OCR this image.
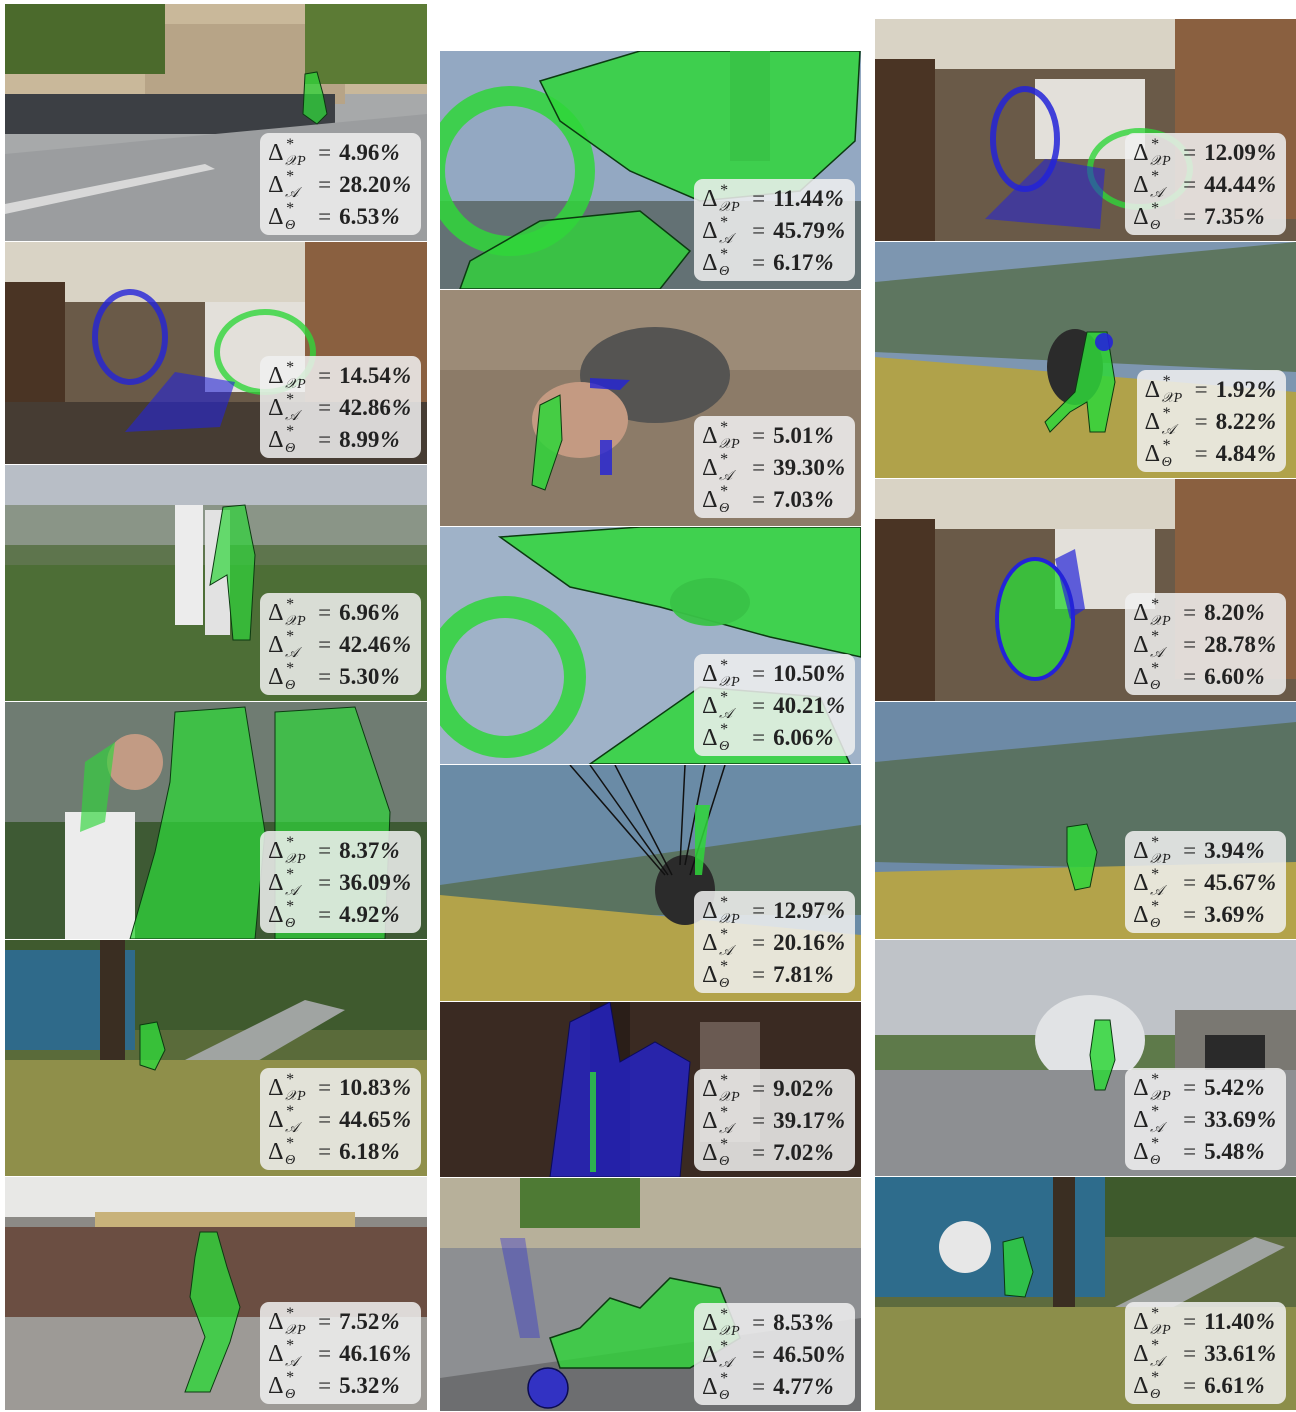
Δ *
𝒳P = 4.96 %
Δ *
𝒜 = 28.20 %
Δ *
Θ = 6.53 %
Δ *
𝒳P = 14.54 %
Δ *
𝒜 = 42.86 %
Δ *
Θ = 8.99 %
Δ *
𝒳P = 6.96 %
Δ *
𝒜 = 42.46 %
Δ *
Θ = 5.30 %
Δ *
𝒳P = 8.37 %
Δ *
𝒜 = 36.09 %
Δ *
Θ = 4.92 %
Δ *
𝒳P = 10.83 %
Δ *
𝒜 = 44.65 %
Δ *
Θ = 6.18 %
Δ *
𝒳P = 7.52 %
Δ *
𝒜 = 46.16 %
Δ *
Θ = 5.32 %
Δ *
𝒳P = 11.44 %
Δ *
𝒜 = 45.79 %
Δ *
Θ = 6.17 %
Δ *
𝒳P = 5.01 %
Δ *
𝒜 = 39.30 %
Δ *
Θ = 7.03 %
Δ *
𝒳P = 10.50 %
Δ *
𝒜 = 40.21 %
Δ *
Θ = 6.06 %
Δ *
𝒳P = 12.97 %
Δ *
𝒜 = 20.16 %
Δ *
Θ = 7.81 %
Δ *
𝒳P = 9.02 %
Δ *
𝒜 = 39.17 %
Δ *
Θ = 7.02 %
Δ *
𝒳P = 8.53 %
Δ *
𝒜 = 46.50 %
Δ *
Θ = 4.77 %
Δ *
𝒳P = 12.09 %
Δ *
𝒜 = 44.44 %
Δ *
Θ = 7.35 %
Δ *
𝒳P = 1.92 %
Δ *
𝒜 = 8.22 %
Δ *
Θ = 4.84 %
Δ *
𝒳P = 8.20 %
Δ *
𝒜 = 28.78 %
Δ *
Θ = 6.60 %
Δ *
𝒳P = 3.94 %
Δ *
𝒜 = 45.67 %
Δ *
Θ = 3.69 %
Δ *
𝒳P = 5.42 %
Δ *
𝒜 = 33.69 %
Δ *
Θ = 5.48 %
Δ *
𝒳P = 11.40 %
Δ *
𝒜 = 33.61 %
Δ *
Θ = 6.61 %
